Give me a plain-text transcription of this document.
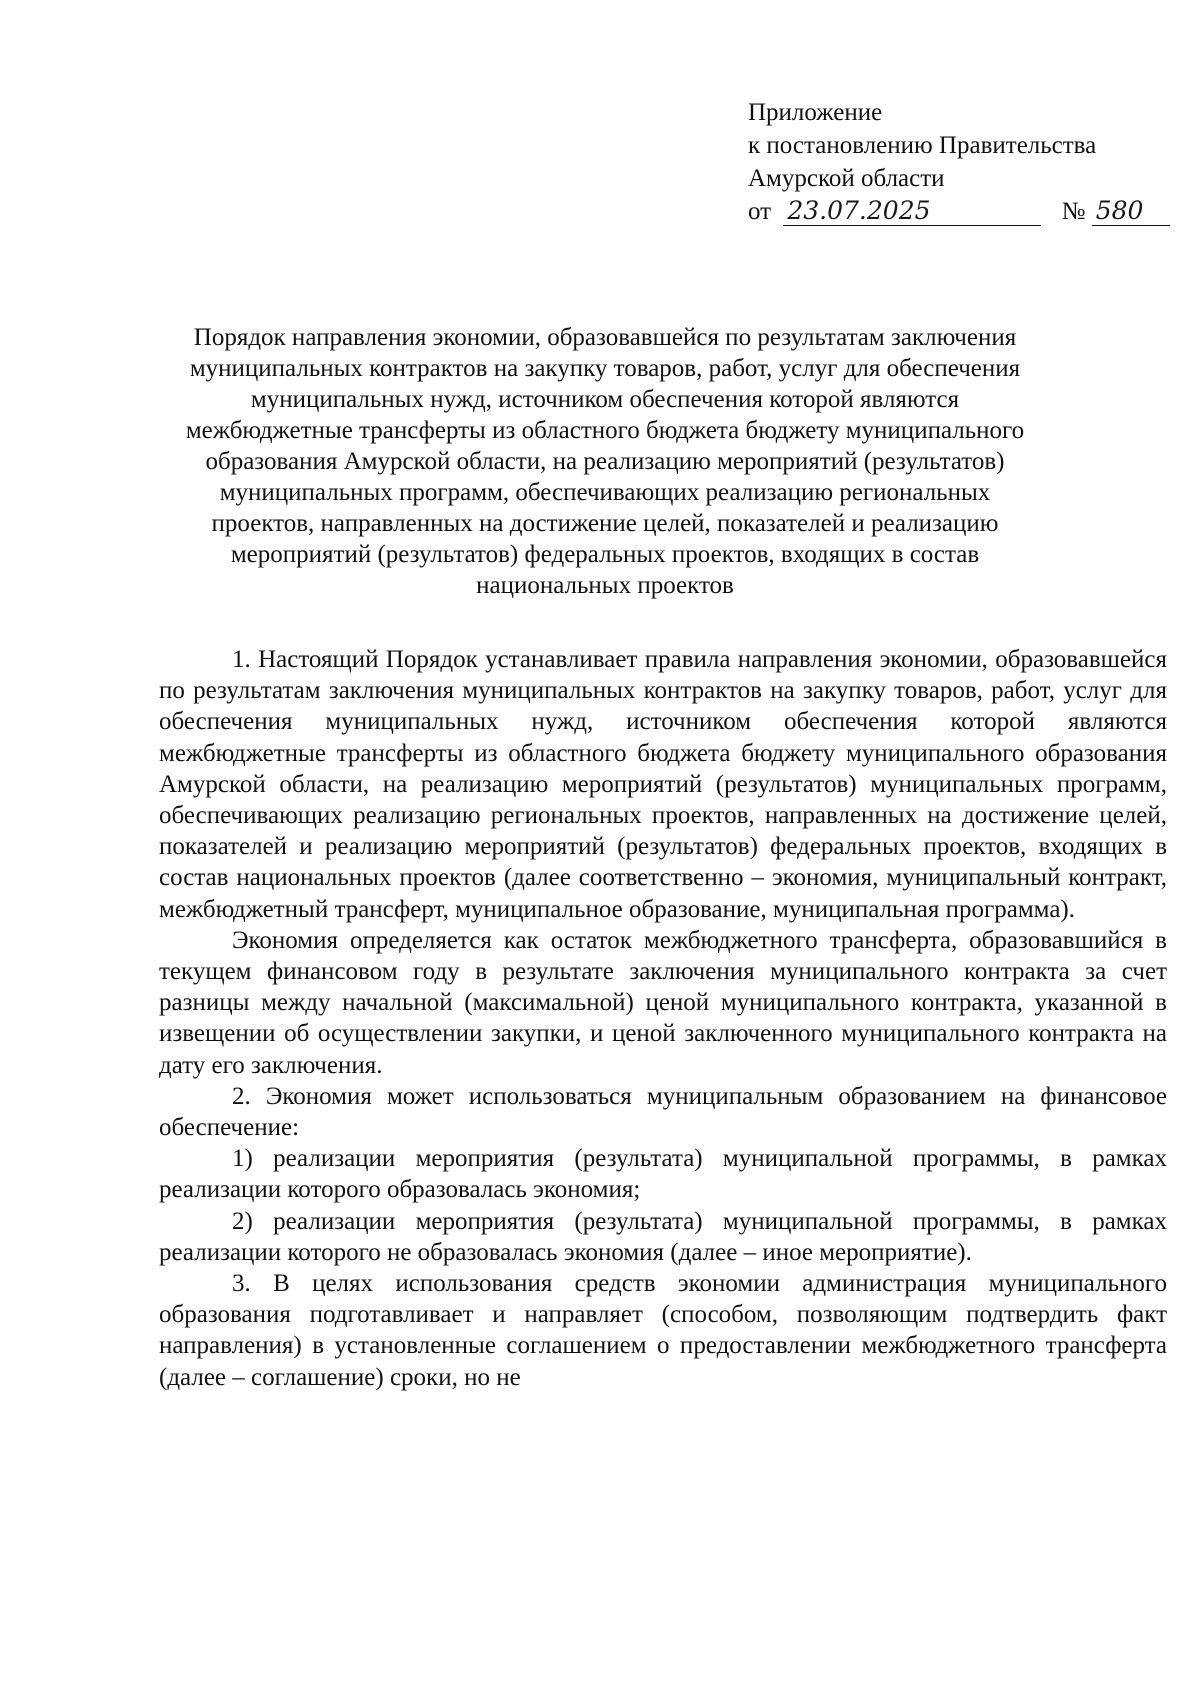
Приложение
к постановлению Правительства
Амурской области
от 23.07.2025	№ 580
Порядок направления экономии, образовавшейся по результатам заключения
муниципальных контрактов на закупку товаров, работ, услуг для обеспечения
муниципальных нужд, источником обеспечения которой являются
межбюджетные трансферты из областного бюджета бюджету муниципального
образования Амурской области, на реализацию мероприятий (результатов)
муниципальных программ, обеспечивающих реализацию региональных
проектов, направленных на достижение целей, показателей и реализацию
мероприятий (результатов) федеральных проектов, входящих в состав
национальных проектов

1. Настоящий Порядок устанавливает правила направления экономии, образовавшейся по результатам заключения муниципальных контрактов на закупку товаров, работ, услуг для обеспечения муниципальных нужд, источником обеспечения которой являются межбюджетные трансферты из областного бюджета бюджету муниципального образования Амурской области, на реализацию мероприятий (результатов) муниципальных программ, обеспечивающих реализацию региональных проектов, направленных на достижение целей, показателей и реализацию мероприятий (результатов) федеральных проектов, входящих в состав национальных проектов (далее соответственно – экономия, муниципальный контракт, межбюджетный трансферт, муниципальное образование, муниципальная программа).

Экономия определяется как остаток межбюджетного трансферта, образовавшийся в текущем финансовом году в результате заключения муниципального контракта за счет разницы между начальной (максимальной) ценой муниципального контракта, указанной в извещении об осуществлении закупки, и ценой заключенного муниципального контракта на дату его заключения.

2. Экономия может использоваться муниципальным образованием на финансовое обеспечение:

1) реализации мероприятия (результата) муниципальной программы, в рамках реализации которого образовалась экономия;

2) реализации мероприятия (результата) муниципальной программы, в рамках реализации которого не образовалась экономия (далее – иное мероприятие).

3. В целях использования средств экономии администрация муниципального образования подготавливает и направляет (способом, позволяющим подтвердить факт направления) в установленные соглашением о предоставлении межбюджетного трансферта (далее – соглашение) сроки, но не
